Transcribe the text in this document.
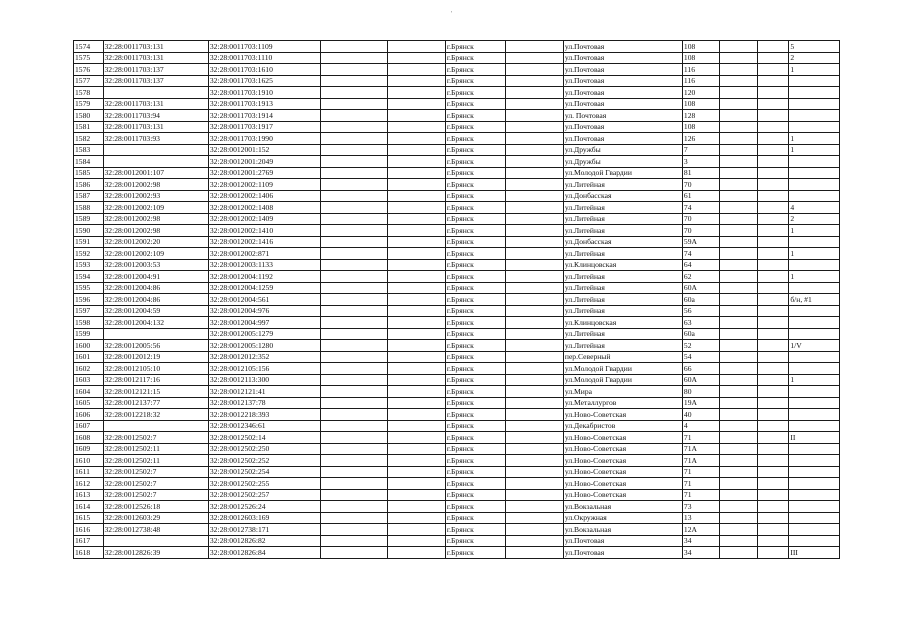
'
1574	32:28:0011703:131	32:28:0011703:1109			г.Брянск		ул.Почтовая	108			5
1575	32:28:0011703:131	32:28:0011703:1110			г.Брянск		ул.Почтовая	108			2
1576	32:28:0011703:137	32:28:0011703:1610			г.Брянск		ул.Почтовая	116			1
1577	32:28:0011703:137	32:28:0011703:1625			г.Брянск		ул.Почтовая	116			
1578		32:28:0011703:1910			г.Брянск		ул.Почтовая	120			
1579	32:28:0011703:131	32:28:0011703:1913			г.Брянск		ул.Почтовая	108			
1580	32:28:0011703:94	32:28:0011703:1914			г.Брянск		ул. Почтовая	128			
1581	32:28:0011703:131	32:28:0011703:1917			г.Брянск		ул.Почтовая	108			
1582	32:28:0011703:93	32:28:0011703:1990			г.Брянск		ул.Почтовая	126			1
1583		32:28:0012001:152			г.Брянск		ул.Дружбы	7			1
1584		32:28:0012001:2049			г.Брянск		ул.Дружбы	3			
1585	32:28:0012001:107	32:28:0012001:2769			г.Брянск		ул.Молодой Гвардии	81			
1586	32:28:0012002:98	32:28:0012002:1109			г.Брянск		ул.Литейная	70			
1587	32:28:0012002:93	32:28:0012002:1406			г.Брянск		ул.Донбасская	61			
1588	32:28:0012002:109	32:28:0012002:1408			г.Брянск		ул.Литейная	74			4
1589	32:28:0012002:98	32:28:0012002:1409			г.Брянск		ул.Литейная	70			2
1590	32:28:0012002:98	32:28:0012002:1410			г.Брянск		ул.Литейная	70			1
1591	32:28:0012002:20	32:28:0012002:1416			г.Брянск		ул.Донбасская	59А			
1592	32:28:0012002:109	32:28:0012002:871			г.Брянск		ул.Литейная	74			1
1593	32:28:0012003:53	32:28:0012003:1133			г.Брянск		ул.Клинцовская	64			
1594	32:28:0012004:91	32:28:0012004:1192			г.Брянск		ул.Литейная	62			1
1595	32:28:0012004:86	32:28:0012004:1259			г.Брянск		ул.Литейная	60А			
1596	32:28:0012004:86	32:28:0012004:561			г.Брянск		ул.Литейная	60а			б/н, #1
1597	32:28:0012004:59	32:28:0012004:976			г.Брянск		ул.Литейная	56			
1598	32:28:0012004:132	32:28:0012004:997			г.Брянск		ул.Клинцовская	63			
1599		32:28:0012005:1279			г.Брянск		ул.Литейная	60а			
1600	32:28:0012005:56	32:28:0012005:1280			г.Брянск		ул.Литейная	52			1/V
1601	32:28:0012012:19	32:28:0012012:352			г.Брянск		пер.Северный	54			
1602	32:28:0012105:10	32:28:0012105:156			г.Брянск		ул.Молодой Гвардии	66			
1603	32:28:0012117:16	32:28:0012113:300			г.Брянск		ул.Молодой Гвардии	60А			1
1604	32:28:0012121:15	32:28:0012121:41			г.Брянск		ул.Мира	80			
1605	32:28:0012137:77	32:28:0012137:78			г.Брянск		ул.Металлургов	19А			
1606	32:28:0012218:32	32:28:0012218:393			г.Брянск		ул.Ново-Советская	40			
1607		32:28:0012346:61			г.Брянск		ул.Декабристов	4			
1608	32:28:0012502:7	32:28:0012502:14			г.Брянск		ул.Ново-Советская	71			II
1609	32:28:0012502:11	32:28:0012502:250			г.Брянск		ул.Ново-Советская	71А			
1610	32:28:0012502:11	32:28:0012502:252			г.Брянск		ул.Ново-Советская	71А			
1611	32:28:0012502:7	32:28:0012502:254			г.Брянск		ул.Ново-Советская	71			
1612	32:28:0012502:7	32:28:0012502:255			г.Брянск		ул.Ново-Советская	71			
1613	32:28:0012502:7	32:28:0012502:257			г.Брянск		ул.Ново-Советская	71			
1614	32:28:0012526:18	32:28:0012526:24			г.Брянск		ул.Вокзальная	73			
1615	32:28:0012603:29	32:28:0012603:169			г.Брянск		ул.Окружная	13			
1616	32:28:0012738:48	32:28:0012738:171			г.Брянск		ул.Вокзальная	12А			
1617		32:28:0012826:82			г.Брянск		ул.Почтовая	34			
1618	32:28:0012826:39	32:28:0012826:84			г.Брянск		ул.Почтовая	34			III
